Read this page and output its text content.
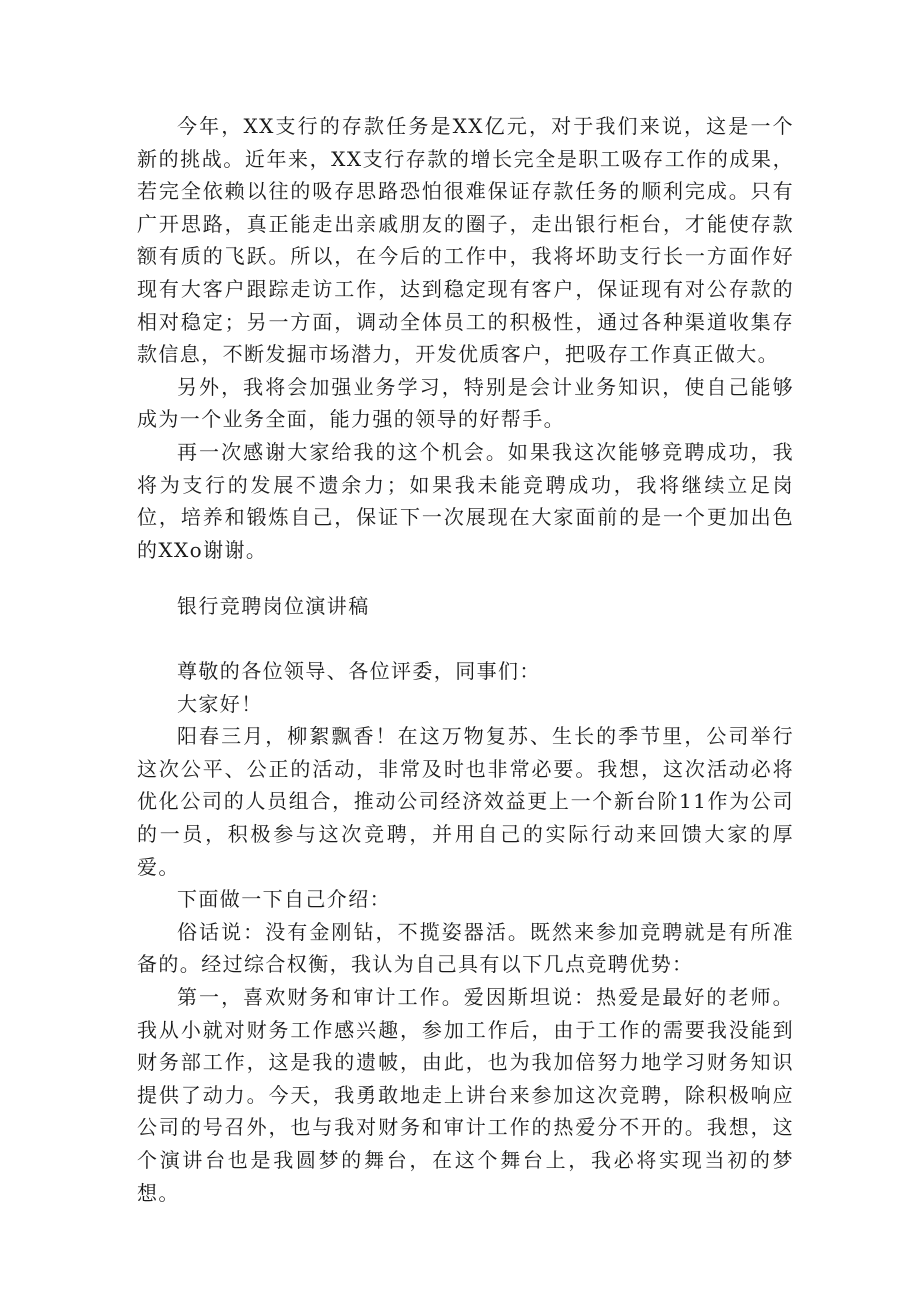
今年，XX支行的存款任务是XX亿元，对于我们来说，这是一个新的挑战。近年来，XX支行存款的增长完全是职工吸存工作的成果，若完全依赖以往的吸存思路恐怕很难保证存款任务的顺利完成。只有广开思路，真正能走出亲戚朋友的圈子，走出银行柜台，才能使存款额有质的飞跃。所以，在今后的工作中，我将坏助支行长一方面作好现有大客户跟踪走访工作，达到稳定现有客户，保证现有对公存款的相对稳定；另一方面，调动全体员工的积极性，通过各种渠道收集存款信息，不断发掘市场潜力，开发优质客户，把吸存工作真正做大。

另外，我将会加强业务学习，特别是会计业务知识，使自己能够成为一个业务全面，能力强的领导的好帮手。

再一次感谢大家给我的这个机会。如果我这次能够竞聘成功，我将为支行的发展不遗余力；如果我未能竞聘成功，我将继续立足岗位，培养和锻炼自己，保证下一次展现在大家面前的是一个更加出色的XXo谢谢。

银行竞聘岗位演讲稿

尊敬的各位领导、各位评委，同事们：

大家好！

阳春三月，柳絮飘香！在这万物复苏、生长的季节里，公司举行这次公平、公正的活动，非常及时也非常必要。我想，这次活动必将优化公司的人员组合，推动公司经济效益更上一个新台阶11作为公司的一员，积极参与这次竞聘，并用自己的实际行动来回馈大家的厚爱。

下面做一下自己介绍：

俗话说：没有金刚钻，不揽姿器活。既然来参加竞聘就是有所准备的。经过综合权衡，我认为自己具有以下几点竞聘优势：

第一，喜欢财务和审计工作。爱因斯坦说：热爱是最好的老师。我从小就对财务工作感兴趣，参加工作后，由于工作的需要我没能到财务部工作，这是我的遗帔，由此，也为我加倍努力地学习财务知识提供了动力。今天，我勇敢地走上讲台来参加这次竞聘，除积极响应公司的号召外，也与我对财务和审计工作的热爱分不开的。我想，这个演讲台也是我圆梦的舞台，在这个舞台上，我必将实现当初的梦想。
